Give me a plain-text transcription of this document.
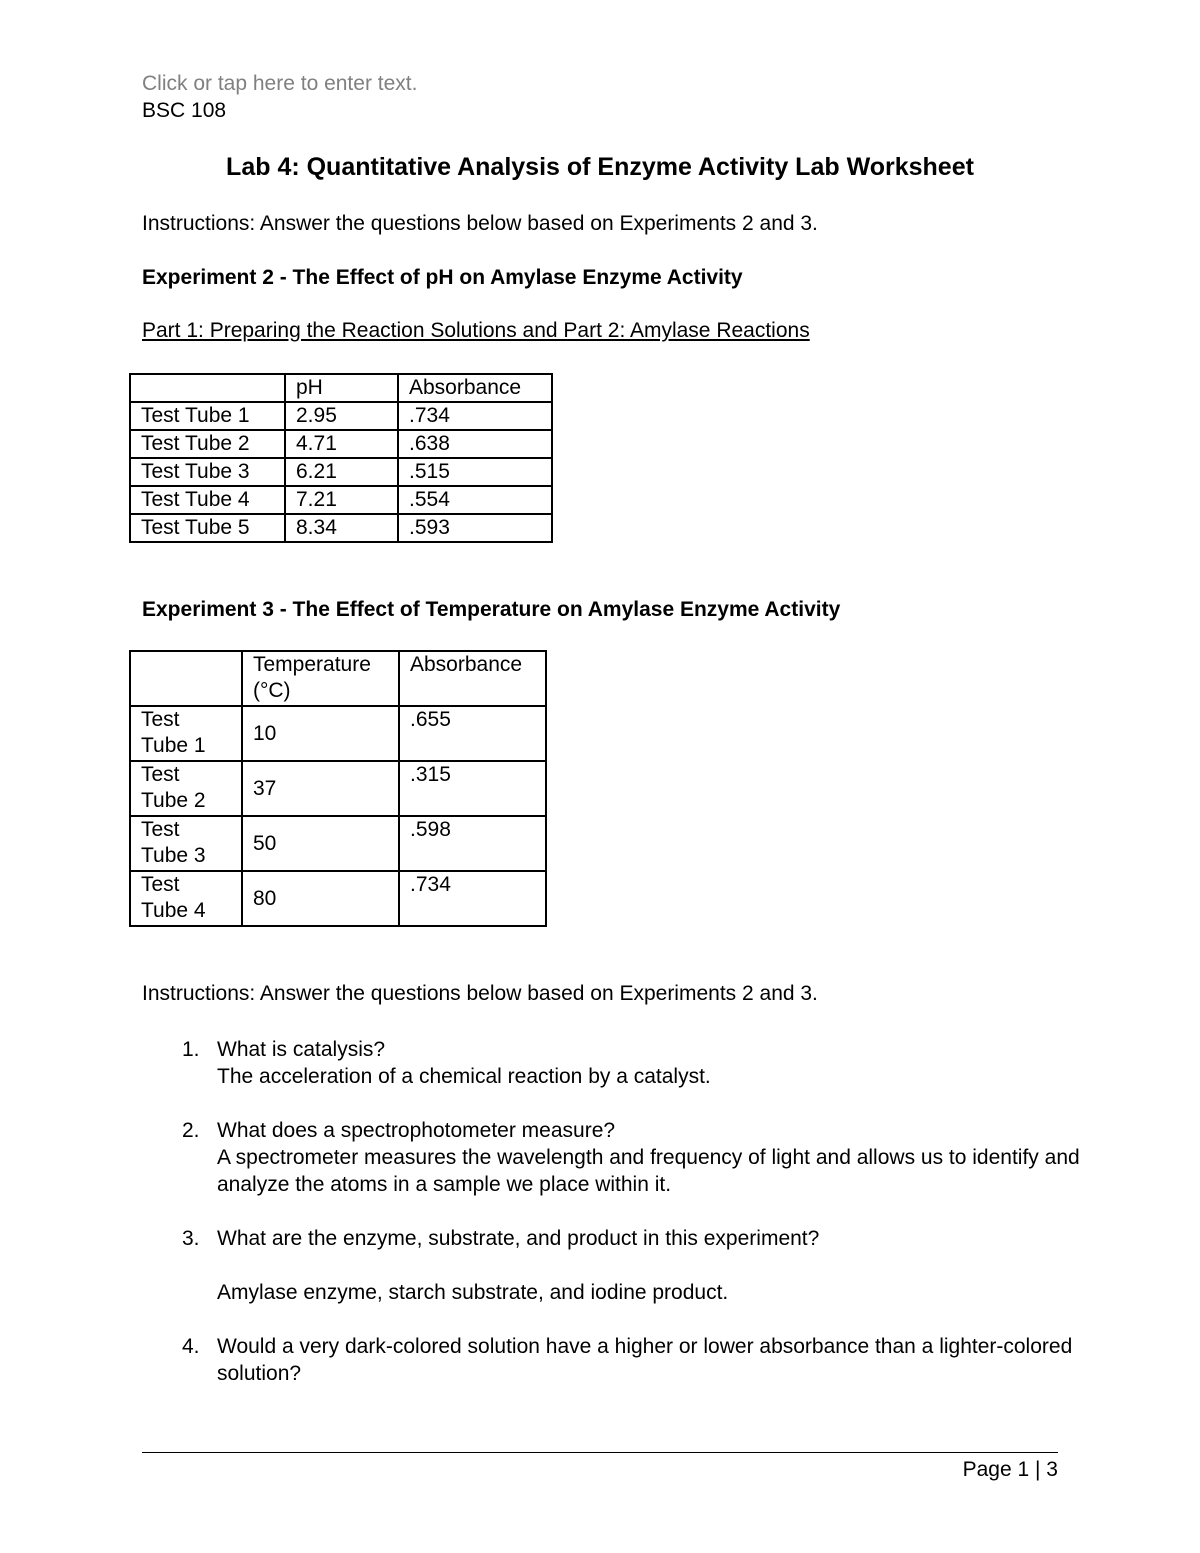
Click or tap here to enter text.
BSC 108
Lab 4: Quantitative Analysis of Enzyme Activity Lab Worksheet
Instructions: Answer the questions below based on Experiments 2 and 3.
Experiment 2 - The Effect of pH on Amylase Enzyme Activity
Part 1: Preparing the Reaction Solutions and Part 2: Amylase Reactions
	pH	Absorbance
Test Tube 1	2.95	.734
Test Tube 2	4.71	.638
Test Tube 3	6.21	.515
Test Tube 4	7.21	.554
Test Tube 5	8.34	.593
Experiment 3 - The Effect of Temperature on Amylase Enzyme Activity
	Temperature (°C)	Absorbance
Test Tube 1	10	.655
Test Tube 2	37	.315
Test Tube 3	50	.598
Test Tube 4	80	.734
Instructions: Answer the questions below based on Experiments 2 and 3.
1. What is catalysis?
The acceleration of a chemical reaction by a catalyst.
2. What does a spectrophotometer measure?
A spectrometer measures the wavelength and frequency of light and allows us to identify and analyze the atoms in a sample we place within it.
3. What are the enzyme, substrate, and product in this experiment?
Amylase enzyme, starch substrate, and iodine product.
4. Would a very dark-colored solution have a higher or lower absorbance than a lighter-colored solution?
Page 1 | 3
